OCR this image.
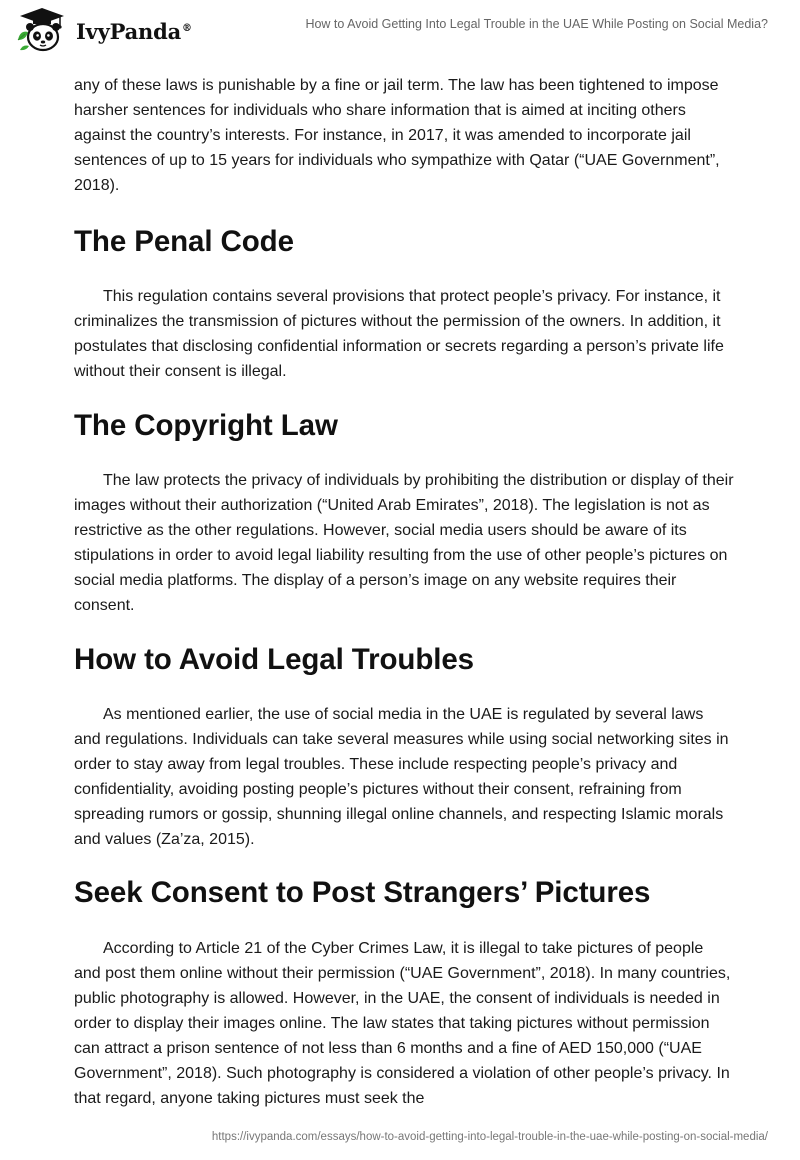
IvyPanda®	How to Avoid Getting Into Legal Trouble in the UAE While Posting on Social Media?

any of these laws is punishable by a fine or jail term. The law has been tightened to impose harsher sentences for individuals who share information that is aimed at inciting others against the country’s interests. For instance, in 2017, it was amended to incorporate jail sentences of up to 15 years for individuals who sympathize with Qatar (“UAE Government”, 2018).

The Penal Code

This regulation contains several provisions that protect people’s privacy. For instance, it criminalizes the transmission of pictures without the permission of the owners. In addition, it postulates that disclosing confidential information or secrets regarding a person’s private life without their consent is illegal.

The Copyright Law

The law protects the privacy of individuals by prohibiting the distribution or display of their images without their authorization (“United Arab Emirates”, 2018). The legislation is not as restrictive as the other regulations. However, social media users should be aware of its stipulations in order to avoid legal liability resulting from the use of other people’s pictures on social media platforms. The display of a person’s image on any website requires their consent.

How to Avoid Legal Troubles

As mentioned earlier, the use of social media in the UAE is regulated by several laws and regulations. Individuals can take several measures while using social networking sites in order to stay away from legal troubles. These include respecting people’s privacy and confidentiality, avoiding posting people’s pictures without their consent, refraining from spreading rumors or gossip, shunning illegal online channels, and respecting Islamic morals and values (Za’za, 2015).

Seek Consent to Post Strangers’ Pictures

According to Article 21 of the Cyber Crimes Law, it is illegal to take pictures of people and post them online without their permission (“UAE Government”, 2018). In many countries, public photography is allowed. However, in the UAE, the consent of individuals is needed in order to display their images online. The law states that taking pictures without permission can attract a prison sentence of not less than 6 months and a fine of AED 150,000 (“UAE Government”, 2018). Such photography is considered a violation of other people’s privacy. In that regard, anyone taking pictures must seek the

https://ivypanda.com/essays/how-to-avoid-getting-into-legal-trouble-in-the-uae-while-posting-on-social-media/
